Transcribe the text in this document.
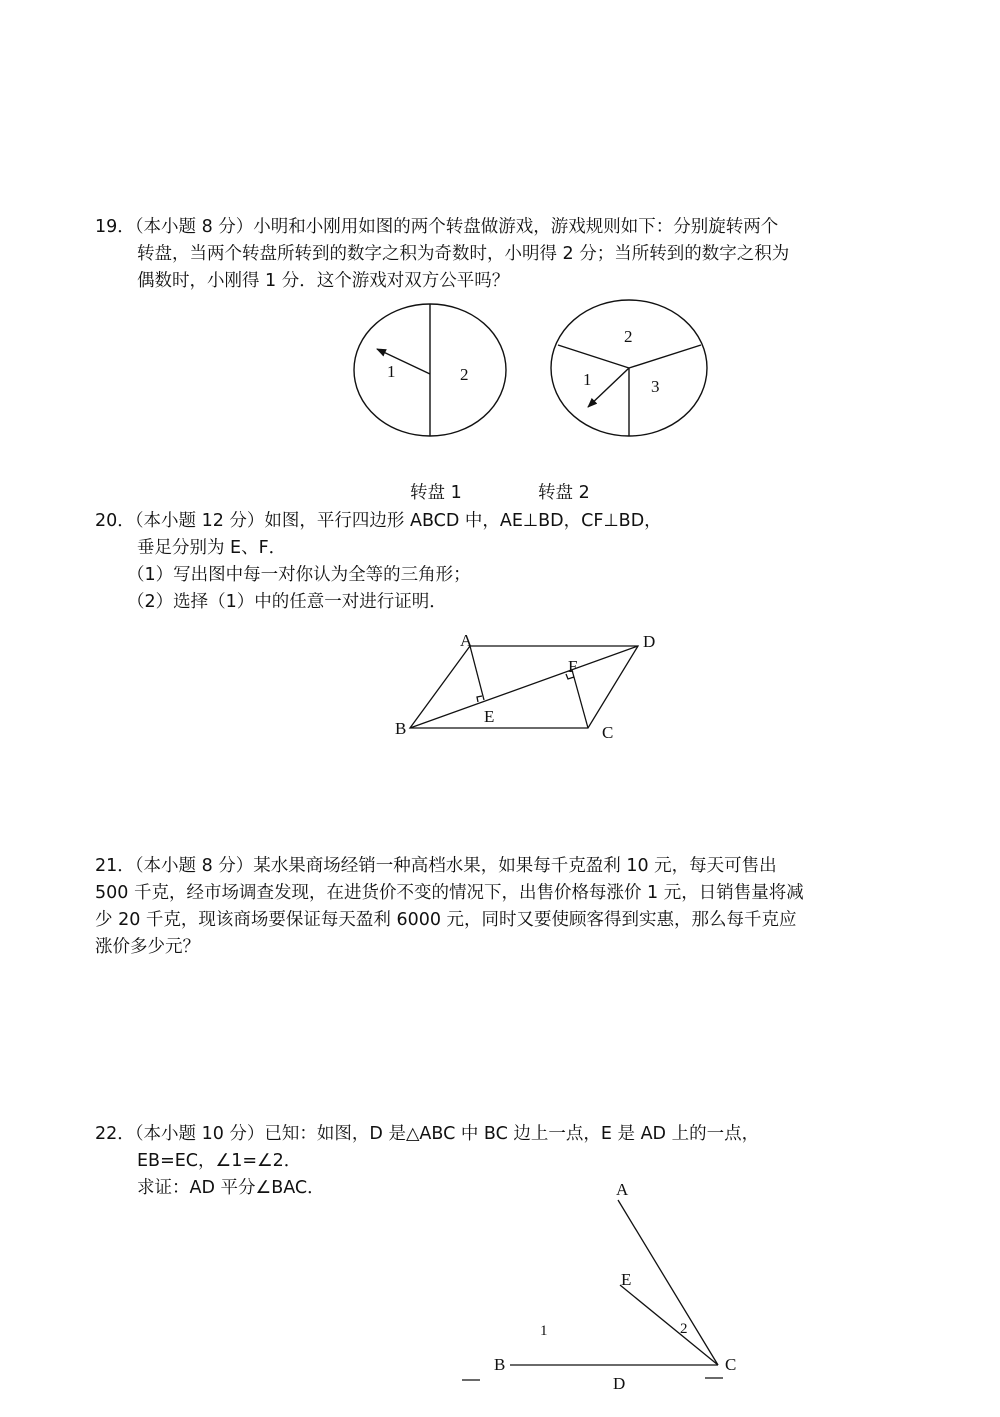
19．（本小题 8 分）小明和小刚用如图的两个转盘做游戏，游戏规则如下：分别旋转两个
转盘，当两个转盘所转到的数字之积为奇数时，小明得 2 分；当所转到的数字之积为
偶数时，小刚得 1 分．这个游戏对双方公平吗？
1	2
2
1	3
转盘 1	转盘 2
20．（本小题 12 分）如图，平行四边形 ABCD 中，AE⊥BD，CF⊥BD，
垂足分别为 E、F．
（1）写出图中每一对你认为全等的三角形；
（2）选择（1）中的任意一对进行证明．
A	D
F
E
B	C
21．（本小题 8 分）某水果商场经销一种高档水果，如果每千克盈利 10 元，每天可售出
500 千克，经市场调查发现，在进货价不变的情况下，出售价格每涨价 1 元，日销售量将减
少 20 千克，现该商场要保证每天盈利 6000 元，同时又要使顾客得到实惠，那么每千克应
涨价多少元？
22．（本小题 10 分）已知：如图，D 是△ABC 中 BC 边上一点，E 是 AD 上的一点，
EB=EC，∠1=∠2．
求证：AD 平分∠BAC．	A
E
1	2
B	C
D
